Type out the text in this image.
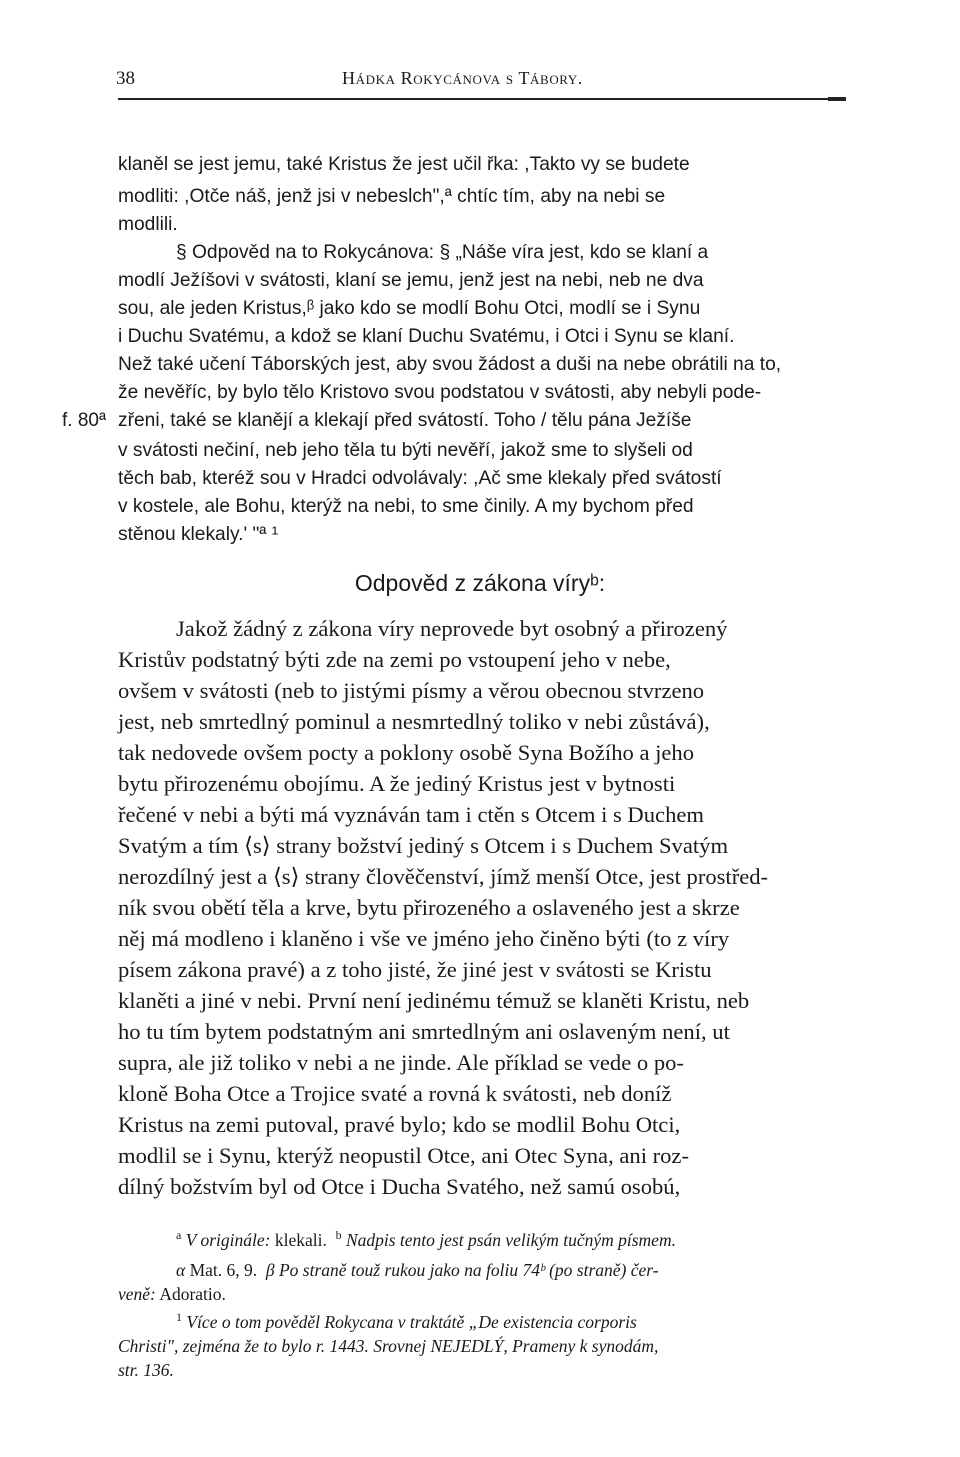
38	Hádka Rokycánova s Tábory.
klaněl se jest jemu, také Kristus že jest učil řka: ,Takto vy se budete
modliti: ,Otče náš, jenž jsi v nebeslch",ª chtíc tím, aby na nebi se
modlili.
§ Odpověd na to Rokycánova: § „Náše víra jest, kdo se klaní a
modlí Ježíšovi v svátosti, klaní se jemu, jenž jest na nebi, neb ne dva
sou, ale jeden Kristus,ᵝ jako kdo se modlí Bohu Otci, modlí se i Synu
i Duchu Svatému, a kdož se klaní Duchu Svatému, i Otci i Synu se klaní.
Než také učení Táborských jest, aby svou žádost a duši na nebe obrátili na to,
že nevěříc, by bylo tělo Kristovo svou podstatou v svátosti, aby nebyli pode-
f. 80ª zřeni, také se klanějí a klekají před svátostí. Toho / tělu pána Ježíše
v svátosti nečiní, neb jeho těla tu býti nevěří, jakož sme to slyšeli od
těch bab, kteréž sou v Hradci odvolávaly: ,Ač sme klekaly před svátostí
v kostele, ale Bohu, kterýž na nebi, to sme činily. A my bychom před
stěnou klekaly.' "ª ¹
Odpověd z zákona víryᵇ:
Jakož žádný z zákona víry neprovede byt osobný a přirozený
Kristův podstatný býti zde na zemi po vstoupení jeho v nebe,
ovšem v svátosti (neb to jistými písmy a věrou obecnou stvrzeno
jest, neb smrtedlný pominul a nesmrtedlný toliko v nebi zůstává),
tak nedovede ovšem pocty a poklony osobě Syna Božího a jeho
bytu přirozenému obojímu. A že jediný Kristus jest v bytnosti
řečené v nebi a býti má vyznáván tam i ctěn s Otcem i s Duchem
Svatým a tím ⟨s⟩ strany božství jediný s Otcem i s Duchem Svatým
nerozdílný jest a ⟨s⟩ strany člověčenství, jímž menší Otce, jest prostřed-
ník svou obětí těla a krve, bytu přirozeného a oslaveného jest a skrze
něj má modleno i klaněno i vše ve jméno jeho činěno býti (to z víry
písem zákona pravé) a z toho jisté, že jiné jest v svátosti se Kristu
klaněti a jiné v nebi. První není jedinému témuž se klaněti Kristu, neb
ho tu tím bytem podstatným ani smrtedlným ani oslaveným není, ut
supra, ale již toliko v nebi a ne jinde. Ale příklad se vede o po-
kloně Boha Otce a Trojice svaté a rovná k svátosti, neb doníž
Kristus na zemi putoval, pravé bylo; kdo se modlil Bohu Otci,
modlil se i Synu, kterýž neopustil Otce, ani Otec Syna, ani roz-
dílný božstvím byl od Otce i Ducha Svatého, než samú osobú,
$^a$ V originále: klekali. $^b$ Nadpis tento jest psán velikým tučným písmem.
α Mat. 6, 9. β Po straně touž rukou jako na foliu 74ᵇ (po straně) čer-
veně: Adoratio.
$^1$ Více o tom pověděl Rokycana v traktátě „De existencia corporis
Christi", zejména že to bylo r. 1443. Srovnej NEJEDLÝ, Prameny k synodám,
str. 136.
